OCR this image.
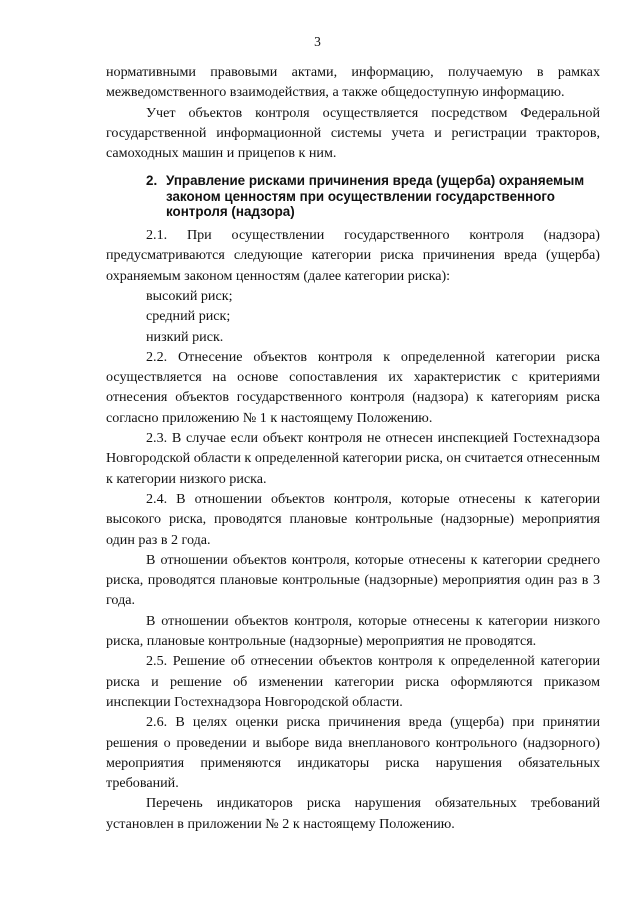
3

нормативными правовыми актами, информацию, получаемую в рамках межведомственного взаимодействия, а также общедоступную информацию.

Учет объектов контроля осуществляется посредством Федеральной государственной информационной системы учета и регистрации тракторов, самоходных машин и прицепов к ним.

2. Управление рисками причинения вреда (ущерба) охраняемым законом ценностям при осуществлении государственного контроля (надзора)

2.1. При осуществлении государственного контроля (надзора) предусматриваются следующие категории риска причинения вреда (ущерба) охраняемым законом ценностям (далее категории риска):

высокий риск;

средний риск;

низкий риск.

2.2. Отнесение объектов контроля к определенной категории риска осуществляется на основе сопоставления их характеристик с критериями отнесения объектов государственного контроля (надзора) к категориям риска согласно приложению № 1 к настоящему Положению.

2.3. В случае если объект контроля не отнесен инспекцией Гостехнадзора Новгородской области к определенной категории риска, он считается отнесенным к категории низкого риска.

2.4. В отношении объектов контроля, которые отнесены к категории высокого риска, проводятся плановые контрольные (надзорные) мероприятия один раз в 2 года.

В отношении объектов контроля, которые отнесены к категории среднего риска, проводятся плановые контрольные (надзорные) мероприятия один раз в 3 года.

В отношении объектов контроля, которые отнесены к категории низкого риска, плановые контрольные (надзорные) мероприятия не проводятся.

2.5. Решение об отнесении объектов контроля к определенной категории риска и решение об изменении категории риска оформляются приказом инспекции Гостехнадзора Новгородской области.

2.6. В целях оценки риска причинения вреда (ущерба) при принятии решения о проведении и выборе вида внепланового контрольного (надзорного) мероприятия применяются индикаторы риска нарушения обязательных требований.

Перечень индикаторов риска нарушения обязательных требований установлен в приложении № 2 к настоящему Положению.
